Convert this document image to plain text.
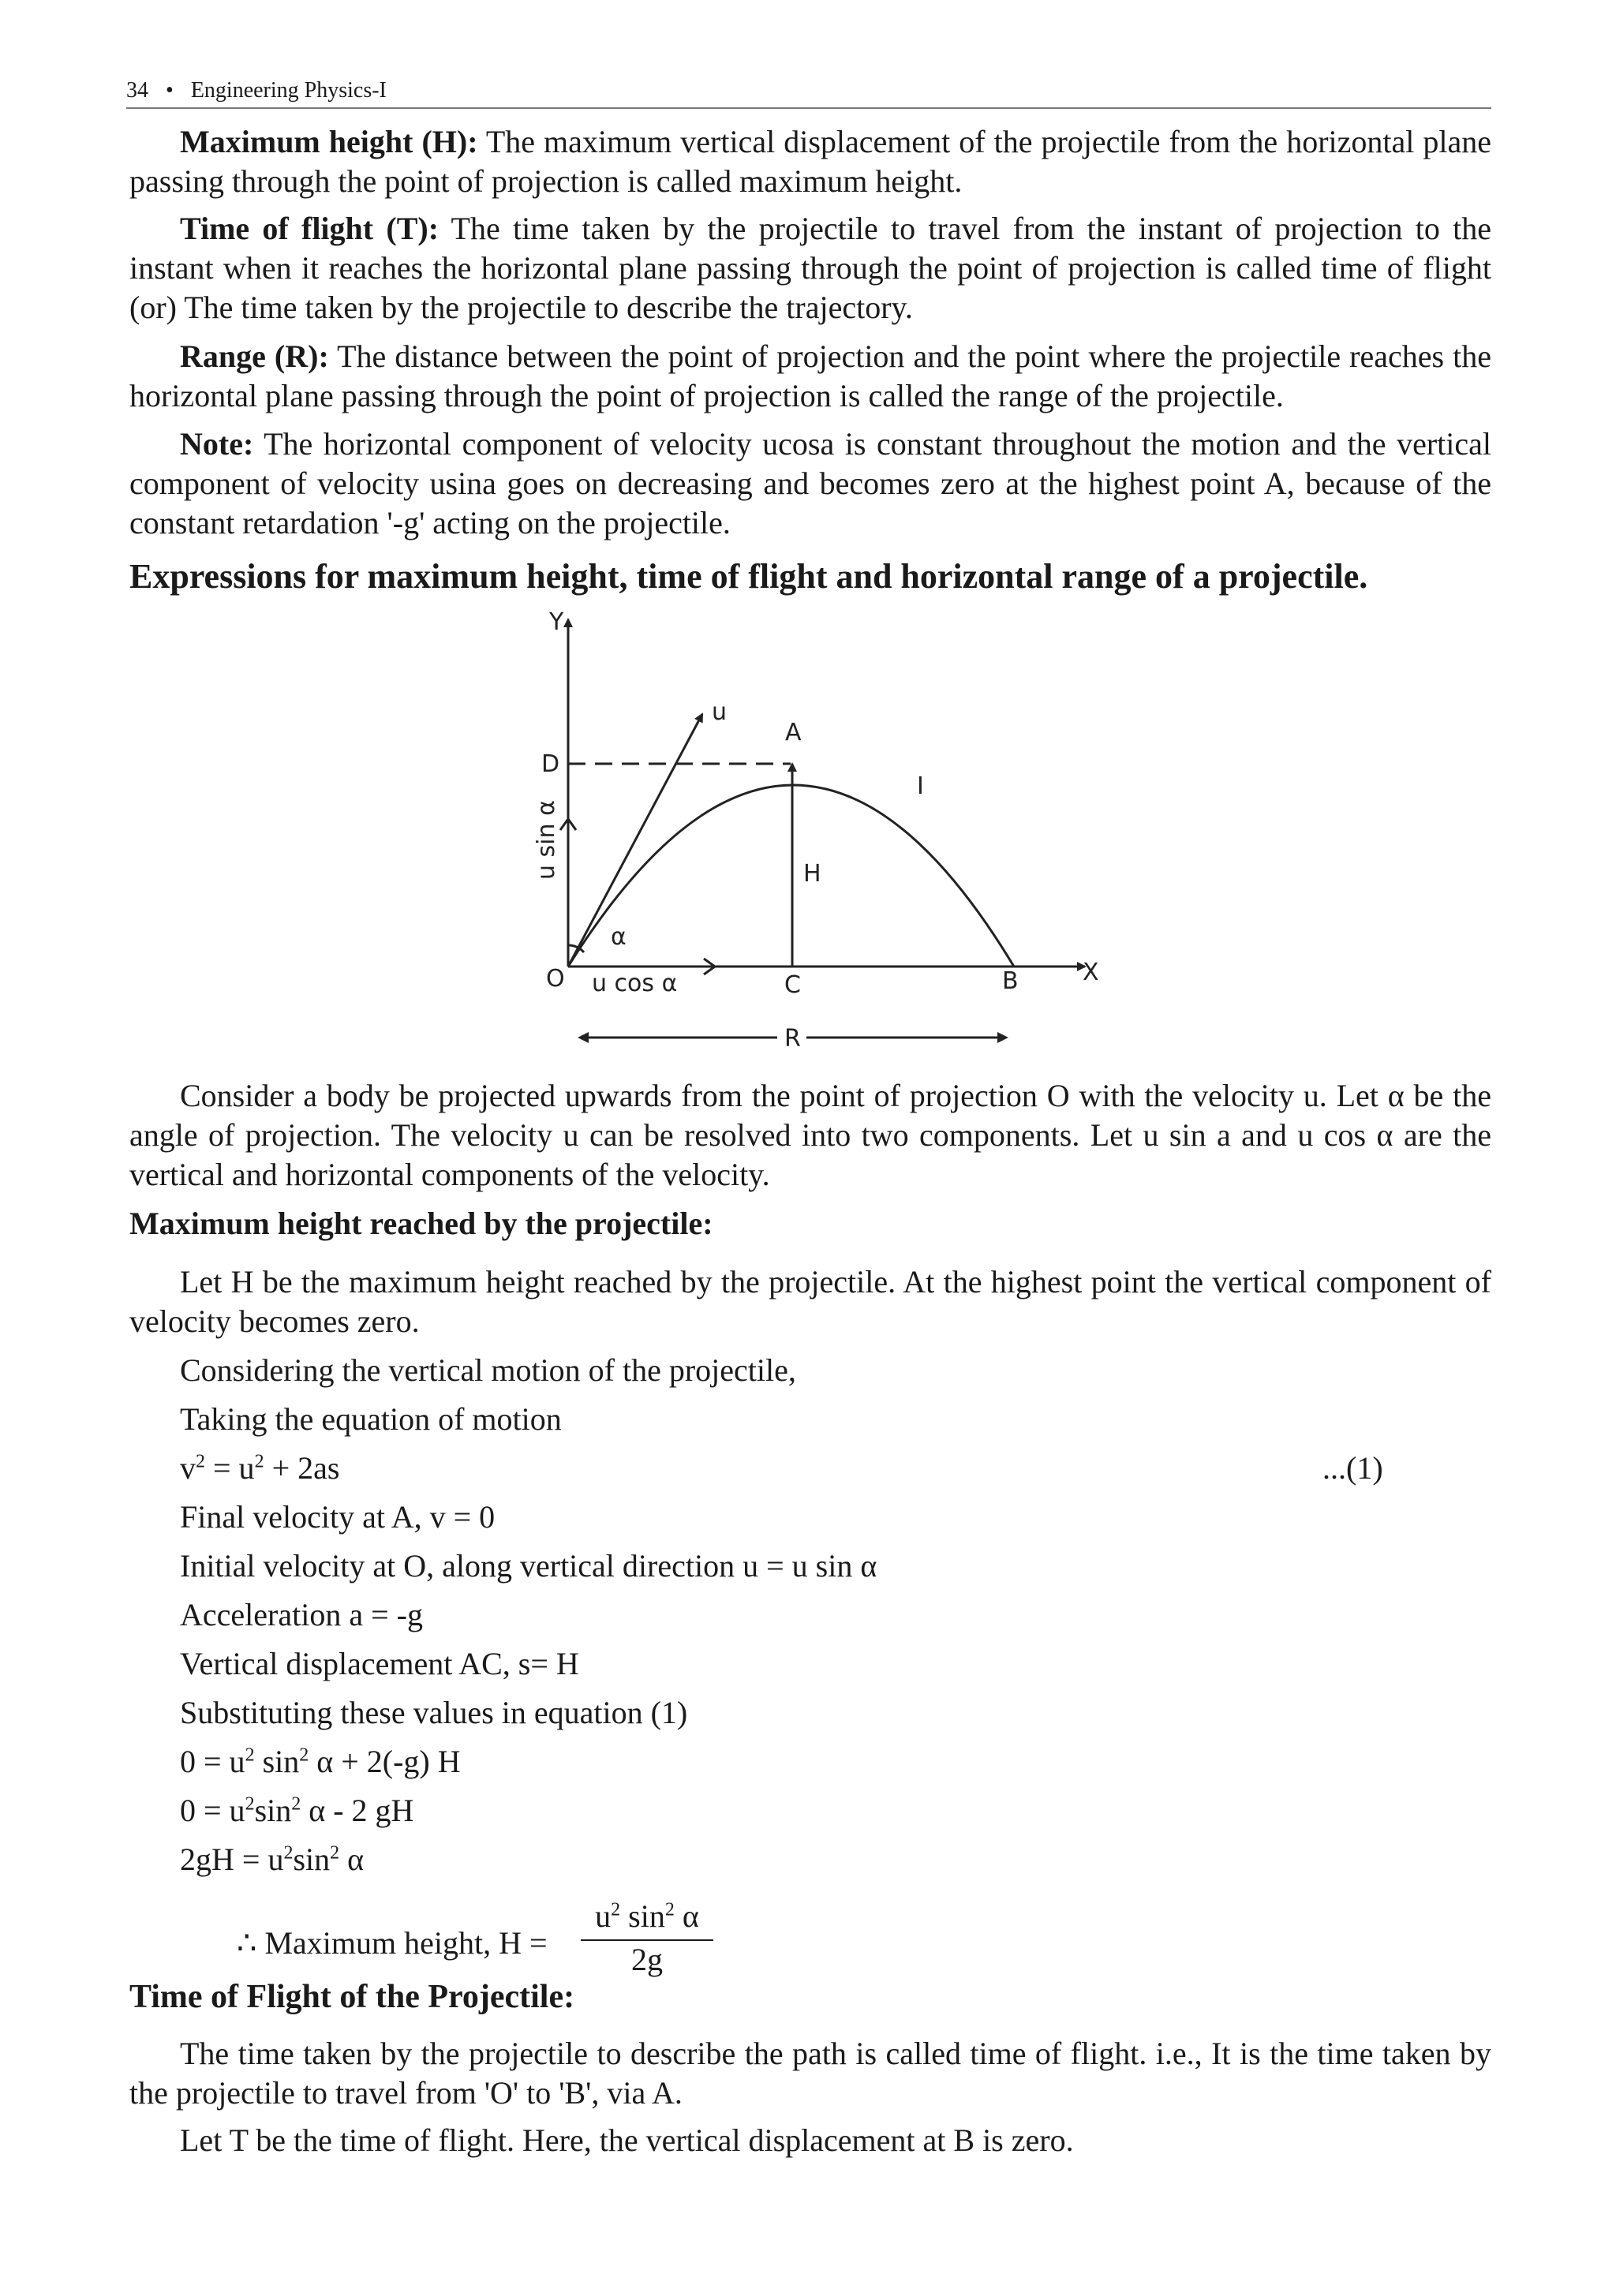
34 • Engineering Physics-I

Maximum height (H): The maximum vertical displacement of the projectile from the horizontal plane passing through the point of projection is called maximum height.

Time of flight (T): The time taken by the projectile to travel from the instant of projection to the instant when it reaches the horizontal plane passing through the point of projection is called time of flight (or) The time taken by the projectile to describe the trajectory.

Range (R): The distance between the point of projection and the point where the projectile reaches the horizontal plane passing through the point of projection is called the range of the projectile.

Note: The horizontal component of velocity ucosa is constant throughout the motion and the vertical component of velocity usina goes on decreasing and becomes zero at the highest point A, because of the constant retardation '-g' acting on the projectile.

Expressions for maximum height, time of flight and horizontal range of a projectile.
Y
X
O
u
A
D
I
H
α
u sin α
u cos α	C	B
R

Consider a body be projected upwards from the point of projection O with the velocity u. Let α be the angle of projection. The velocity u can be resolved into two components. Let u sin a and u cos α are the vertical and horizontal components of the velocity.

Maximum height reached by the projectile:

Let H be the maximum height reached by the projectile. At the highest point the vertical component of velocity becomes zero.

Considering the vertical motion of the projectile,
Taking the equation of motion
$v^2 = u^2 + 2as$	...(1)
Final velocity at A, v = 0
Initial velocity at O, along vertical direction u = u sin α
Acceleration a = -g
Vertical displacement AC, s= H
Substituting these values in equation (1)
$0 = u^2$ $\sin^2 \alpha + 2(-g)$ H
$0 = u^2\sin^2$ α - 2 gH
$2gH = u^2\sin^2$ α
∴ Maximum height, $H = \frac{u^2 \sin^2 \alpha}{2g}$
Time of Flight of the Projectile:

The time taken by the projectile to describe the path is called time of flight. i.e., It is the time taken by the projectile to travel from 'O' to 'B', via A.

Let T be the time of flight. Here, the vertical displacement at B is zero.
